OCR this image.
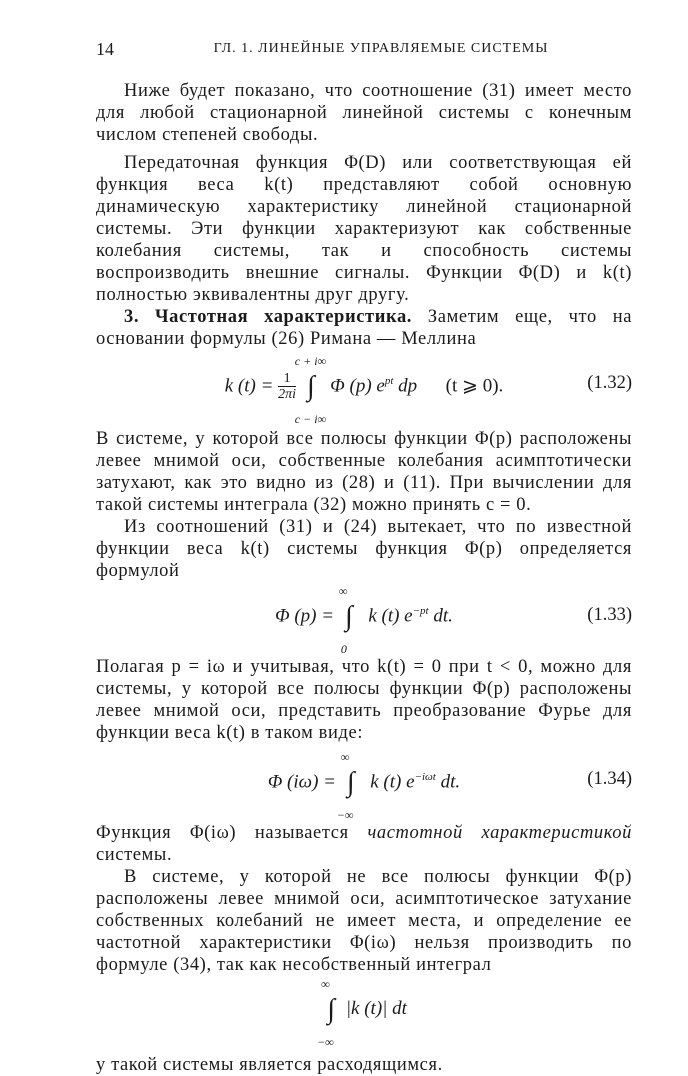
14	ГЛ. 1. ЛИНЕЙНЫЕ УПРАВЛЯЕМЫЕ СИСТЕМЫ

Ниже будет показано, что соотношение (31) имеет место для любой стационарной линейной системы с конечным числом степеней свободы.

Передаточная функция Φ(D) или соответствующая ей функция веса k(t) представляют собой основную динамическую характеристику линейной стационарной системы. Эти функции характеризуют как собственные колебания системы, так и способность системы воспроизводить внешние сигналы. Функции Φ(D) и k(t) полностью эквивалентны друг другу.

3. Частотная характеристика. Заметим еще, что на основании формулы (26) Римана — Меллина

k $(t) = \frac{1}{2\pi i}$ ∫
c + i∞
c − i∞
Φ (p) $e^{pt}$ dp (t ⩾ 0).	(1.32)

В системе, у которой все полюсы функции Φ(p) расположены левее мнимой оси, собственные колебания асимптотически затухают, как это видно из (28) и (11). При вычислении для такой системы интеграла (32) можно принять c = 0.

Из соотношений (31) и (24) вытекает, что по известной функции веса k(t) системы функция Φ(p) определяется формулой

Φ (p) = ∫
∞
0
k (t) $e^{-pt}$ dt.	(1.33)

Полагая p = iω и учитывая, что k(t) = 0 при t < 0, можно для системы, у которой все полюсы функции Φ(p) расположены левее мнимой оси, представить преобразование Фурье для функции веса k(t) в таком виде:

Φ (iω) = ∫
∞
−∞
k (t) $e^{-i\omega t}$ dt.	(1.34)

Функция Φ(iω) называется частотной характеристикой системы.

В системе, у которой не все полюсы функции Φ(p) расположены левее мнимой оси, асимптотическое затухание собственных колебаний не имеет места, и определение ее частотной характеристики Φ(iω) нельзя производить по формуле (34), так как несобственный интеграл

∫
∞
−∞
|k (t)| dt

у такой системы является расходящимся.
